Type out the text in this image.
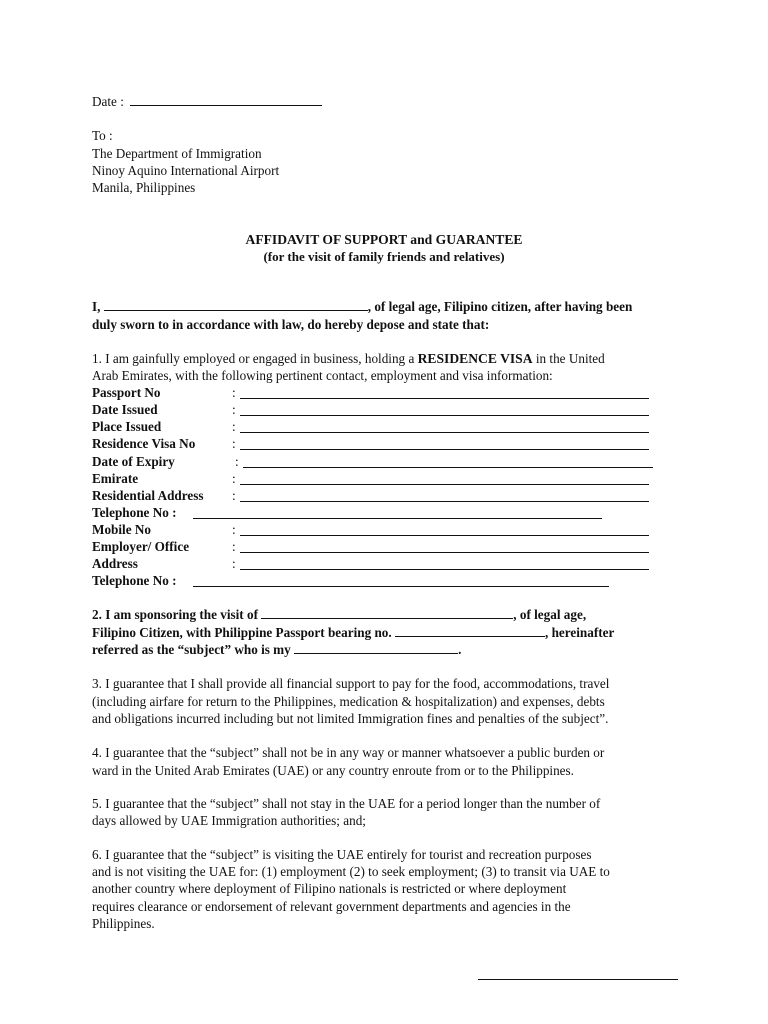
Date :
To :
The Department of Immigration
Ninoy Aquino International Airport
Manila, Philippines
AFFIDAVIT OF SUPPORT and GUARANTEE
(for the visit of family friends and relatives)
I,	, of legal age, Filipino citizen, after having been
duly sworn to in accordance with law, do hereby depose and state that:
1. I am gainfully employed or engaged in business, holding a RESIDENCE VISA in the United
Arab Emirates, with the following pertinent contact, employment and visa information:
Passport No	:
Date Issued	:
Place Issued	:
Residence Visa No	:
Date of Expiry	:
Emirate	:
Residential Address :
Telephone No :
Mobile No	:
Employer/ Office	:
Address	:
Telephone No :
2. I am sponsoring the visit of	, of legal age,
Filipino Citizen, with Philippine Passport bearing no.	, hereinafter
referred as the “subject” who is my	.
3. I guarantee that I shall provide all financial support to pay for the food, accommodations, travel
(including airfare for return to the Philippines, medication & hospitalization) and expenses, debts
and obligations incurred including but not limited Immigration fines and penalties of the subject”.
4. I guarantee that the “subject” shall not be in any way or manner whatsoever a public burden or
ward in the United Arab Emirates (UAE) or any country enroute from or to the Philippines.
5. I guarantee that the “subject” shall not stay in the UAE for a period longer than the number of
days allowed by UAE Immigration authorities; and;
6. I guarantee that the “subject” is visiting the UAE entirely for tourist and recreation purposes
and is not visiting the UAE for: (1) employment (2) to seek employment; (3) to transit via UAE to
another country where deployment of Filipino nationals is restricted or where deployment
requires clearance or endorsement of relevant government departments and agencies in the
Philippines.
